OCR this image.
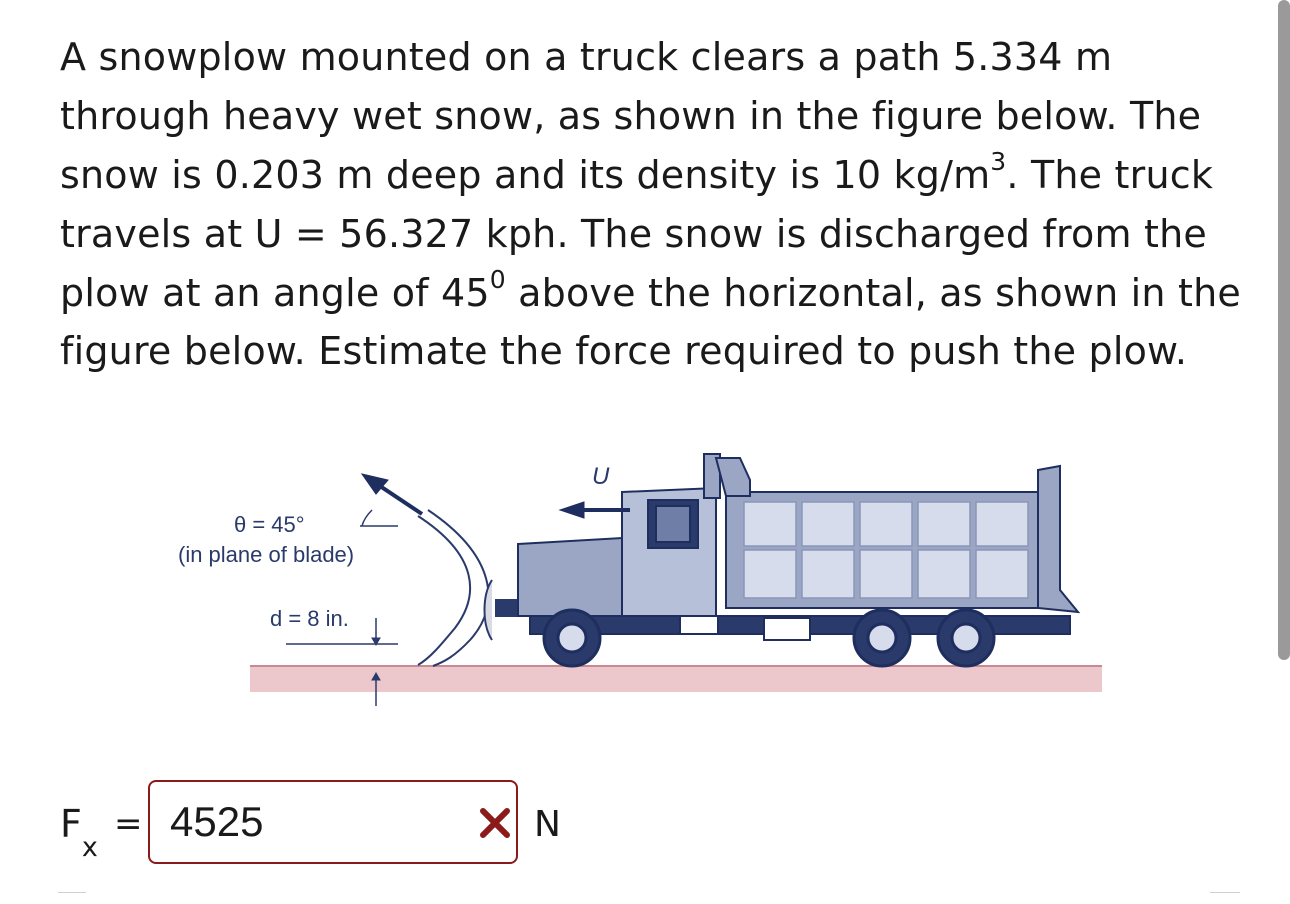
A snowplow mounted on a truck clears a path 5.334 m
through heavy wet snow, as shown in the figure below. The
snow is 0.203 m deep and its density is 10 $kg/m^3$. The truck
travels at U = 56.327 kph. The snow is discharged from the
plow at an angle of $45^0$ above the horizontal, as shown in the
figure below. Estimate the force required to push the plow.
θ = 45°
(in plane of blade)
d = 8 in.
U
$F_x$
=
4525	N
